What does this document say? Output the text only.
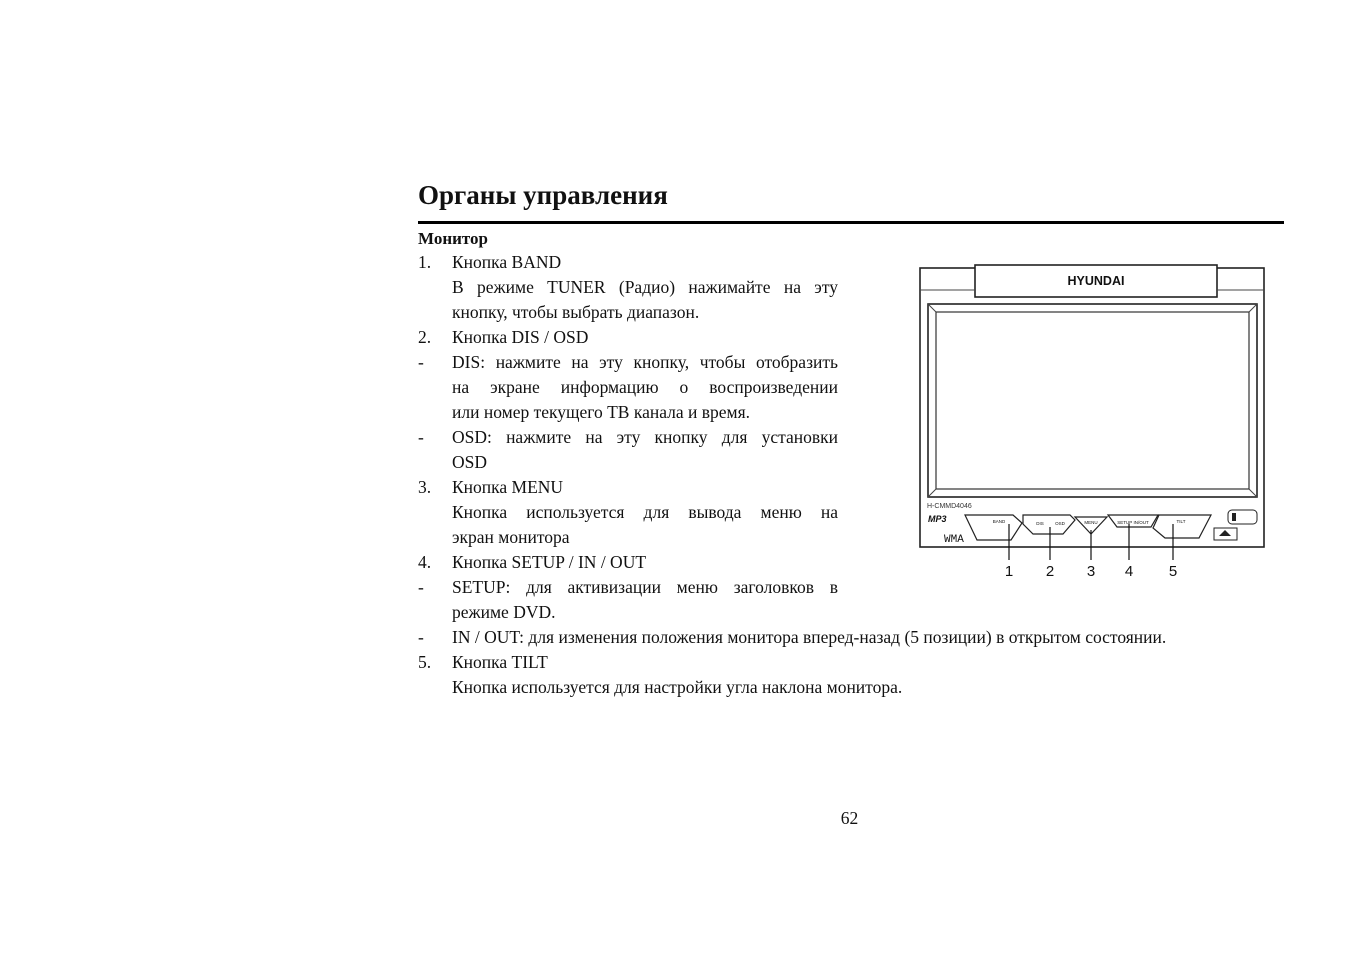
Органы управления
Монитор
1. Кнопка BAND
В режиме TUNER (Радио) нажимайте на эту
кнопку, чтобы выбрать диапазон.
2. Кнопка DIS / OSD
- DIS: нажмите на эту кнопку, чтобы отобразить
на экране информацию о воспроизведении
или номер текущего ТВ канала и время.
- OSD: нажмите на эту кнопку для установки
OSD
3. Кнопка MENU
Кнопка используется для вывода меню на
экран монитора
4. Кнопка SETUP / IN / OUT
- SETUP: для активизации меню заголовков в
режиме DVD.
- IN / OUT: для изменения положения монитора вперед-назад (5 позиции) в открытом состоянии.
5. Кнопка TILT
Кнопка используется для настройки угла наклона монитора.
HYUNDAI
H-CMMD4046
MP3
WMA
BAND	DIS	OSD	MENU	SETUP IN/OUT	TILT
1 2 3 4 5
62
